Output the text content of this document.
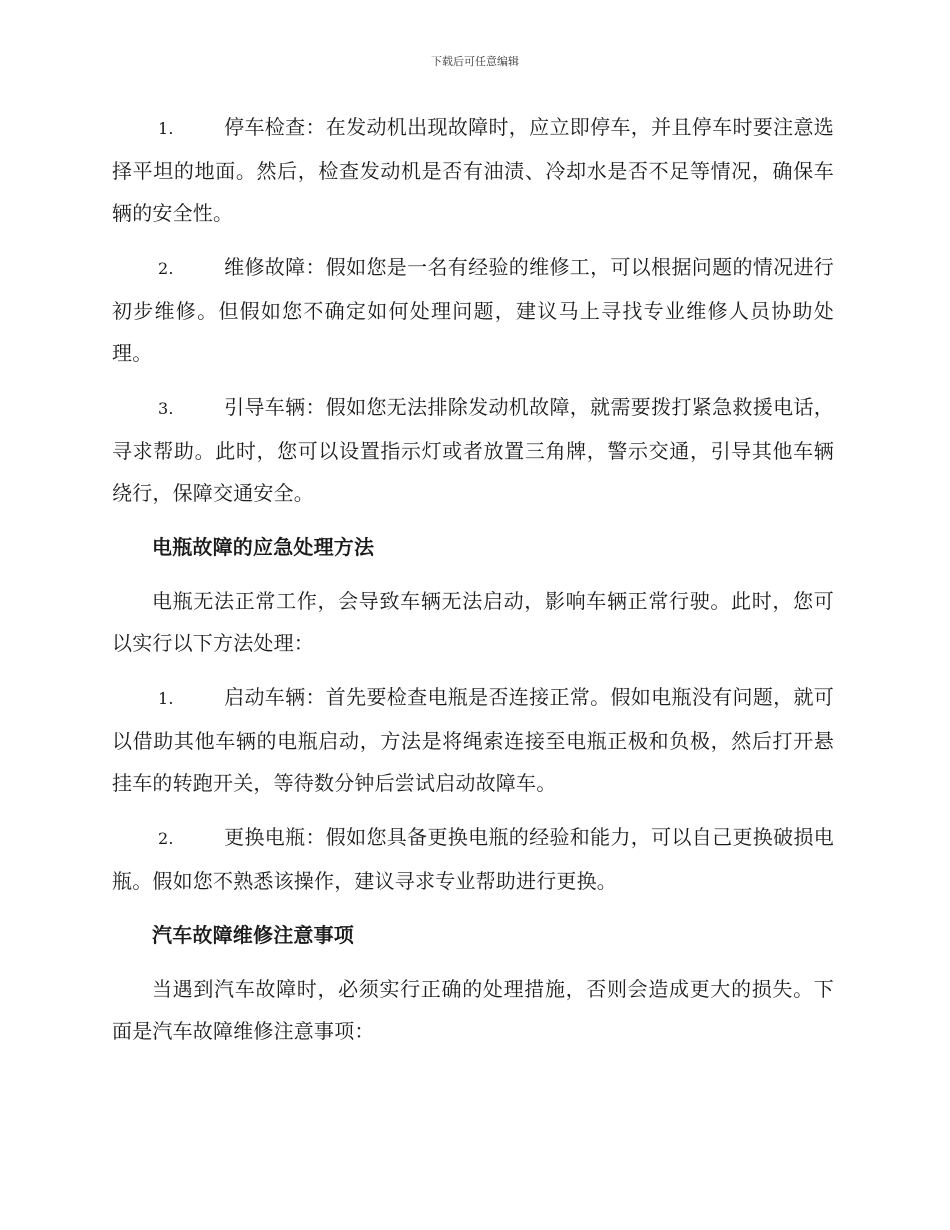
下载后可任意编辑

1.	停车检查：在发动机出现故障时，应立即停车，并且停车时要注意选择平坦的地面。然后，检查发动机是否有油渍、冷却水是否不足等情况，确保车辆的安全性。

2.	维修故障：假如您是一名有经验的维修工，可以根据问题的情况进行初步维修。但假如您不确定如何处理问题，建议马上寻找专业维修人员协助处理。

3.	引导车辆：假如您无法排除发动机故障，就需要拨打紧急救援电话，寻求帮助。此时，您可以设置指示灯或者放置三角牌，警示交通，引导其他车辆绕行，保障交通安全。

电瓶故障的应急处理方法

电瓶无法正常工作，会导致车辆无法启动，影响车辆正常行驶。此时，您可以实行以下方法处理：

1.	启动车辆：首先要检查电瓶是否连接正常。假如电瓶没有问题，就可以借助其他车辆的电瓶启动，方法是将绳索连接至电瓶正极和负极，然后打开悬挂车的转跑开关，等待数分钟后尝试启动故障车。

2.	更换电瓶：假如您具备更换电瓶的经验和能力，可以自己更换破损电瓶。假如您不熟悉该操作，建议寻求专业帮助进行更换。

汽车故障维修注意事项

当遇到汽车故障时，必须实行正确的处理措施，否则会造成更大的损失。下面是汽车故障维修注意事项：
